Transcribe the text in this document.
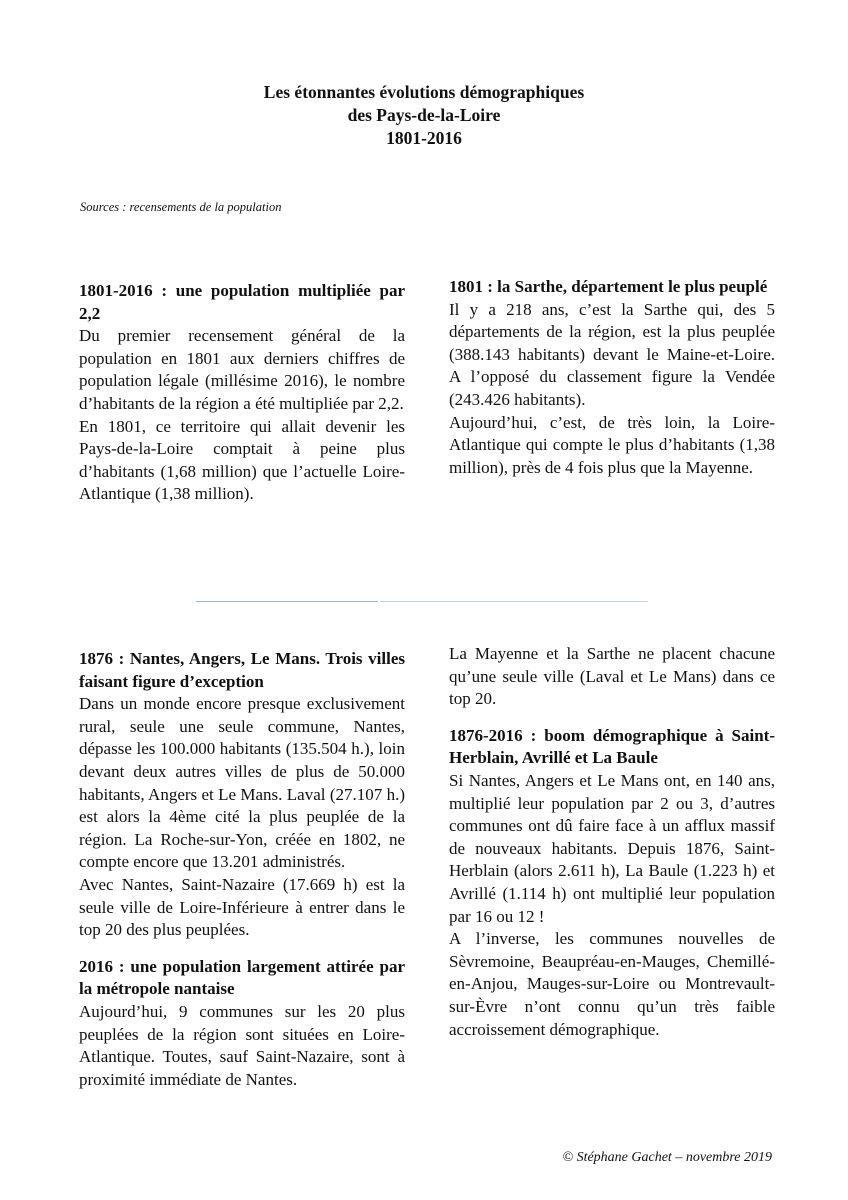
Les étonnantes évolutions démographiques
des Pays-de-la-Loire
1801-2016
Sources : recensements de la population
1801-2016 : une population multipliée par 2,2

Du premier recensement général de la population en 1801 aux derniers chiffres de population légale (millésime 2016), le nombre d’habitants de la région a été multipliée par 2,2.

En 1801, ce territoire qui allait devenir les Pays-de-la-Loire comptait à peine plus d’habitants (1,68 million) que l’actuelle Loire-Atlantique (1,38 million).

1801 : la Sarthe, département le plus peuplé

Il y a 218 ans, c’est la Sarthe qui, des 5 départements de la région, est la plus peuplée (388.143 habitants) devant le Maine-et-Loire. A l’opposé du classement figure la Vendée (243.426 habitants).

Aujourd’hui, c’est, de très loin, la Loire-Atlantique qui compte le plus d’habitants (1,38 million), près de 4 fois plus que la Mayenne.

1876 : Nantes, Angers, Le Mans. Trois villes faisant figure d’exception

Dans un monde encore presque exclusivement rural, seule une seule commune, Nantes, dépasse les 100.000 habitants (135.504 h.), loin devant deux autres villes de plus de 50.000 habitants, Angers et Le Mans. Laval (27.107 h.) est alors la 4ème cité la plus peuplée de la région. La Roche-sur-Yon, créée en 1802, ne compte encore que 13.201 administrés.

Avec Nantes, Saint-Nazaire (17.669 h) est la seule ville de Loire-Inférieure à entrer dans le top 20 des plus peuplées.

2016 : une population largement attirée par la métropole nantaise

Aujourd’hui, 9 communes sur les 20 plus peuplées de la région sont situées en Loire-Atlantique. Toutes, sauf Saint-Nazaire, sont à proximité immédiate de Nantes.

La Mayenne et la Sarthe ne placent chacune qu’une seule ville (Laval et Le Mans) dans ce top 20.

1876-2016 : boom démographique à Saint-Herblain, Avrillé et La Baule

Si Nantes, Angers et Le Mans ont, en 140 ans, multiplié leur population par 2 ou 3, d’autres communes ont dû faire face à un afflux massif de nouveaux habitants. Depuis 1876, Saint-Herblain (alors 2.611 h), La Baule (1.223 h) et Avrillé (1.114 h) ont multiplié leur population par 16 ou 12 !

A l’inverse, les communes nouvelles de Sèvremoine, Beaupréau-en-Mauges, Chemillé-en-Anjou, Mauges-sur-Loire ou Montrevault-sur-Èvre n’ont connu qu’un très faible accroissement démographique.

© Stéphane Gachet – novembre 2019
